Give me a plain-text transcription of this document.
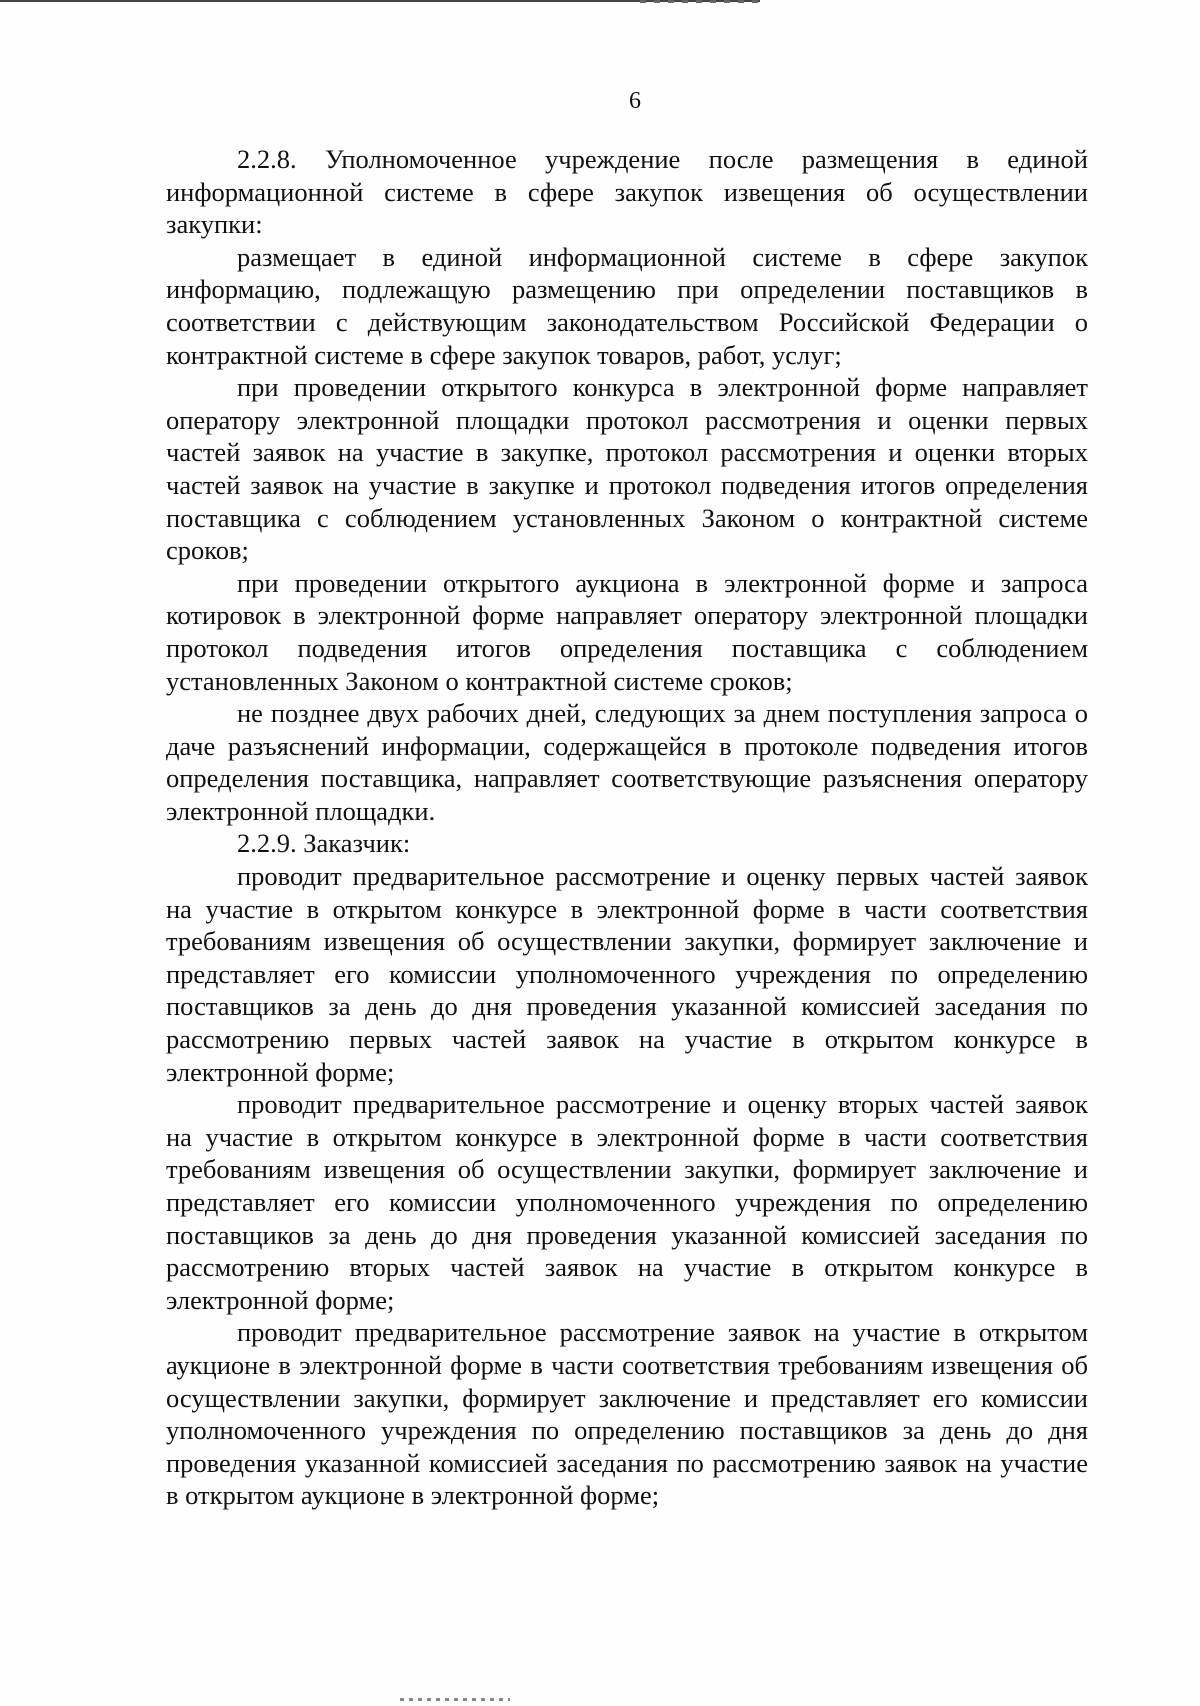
6

2.2.8. Уполномоченное учреждение после размещения в единой информационной системе в сфере закупок извещения об осуществлении закупки:

размещает в единой информационной системе в сфере закупок информацию, подлежащую размещению при определении поставщиков в соответствии с действующим законодательством Российской Федерации о контрактной системе в сфере закупок товаров, работ, услуг;

при проведении открытого конкурса в электронной форме направляет оператору электронной площадки протокол рассмотрения и оценки первых частей заявок на участие в закупке, протокол рассмотрения и оценки вторых частей заявок на участие в закупке и протокол подведения итогов определения поставщика с соблюдением установленных Законом о контрактной системе сроков;

при проведении открытого аукциона в электронной форме и запроса котировок в электронной форме направляет оператору электронной площадки протокол подведения итогов определения поставщика с соблюдением установленных Законом о контрактной системе сроков;

не позднее двух рабочих дней, следующих за днем поступления запроса о даче разъяснений информации, содержащейся в протоколе подведения итогов определения поставщика, направляет соответствующие разъяснения оператору электронной площадки.

2.2.9. Заказчик:

проводит предварительное рассмотрение и оценку первых частей заявок на участие в открытом конкурсе в электронной форме в части соответствия требованиям извещения об осуществлении закупки, формирует заключение и представляет его комиссии уполномоченного учреждения по определению поставщиков за день до дня проведения указанной комиссией заседания по рассмотрению первых частей заявок на участие в открытом конкурсе в электронной форме;

проводит предварительное рассмотрение и оценку вторых частей заявок на участие в открытом конкурсе в электронной форме в части соответствия требованиям извещения об осуществлении закупки, формирует заключение и представляет его комиссии уполномоченного учреждения по определению поставщиков за день до дня проведения указанной комиссией заседания по рассмотрению вторых частей заявок на участие в открытом конкурсе в электронной форме;

проводит предварительное рассмотрение заявок на участие в открытом аукционе в электронной форме в части соответствия требованиям извещения об осуществлении закупки, формирует заключение и представляет его комиссии уполномоченного учреждения по определению поставщиков за день до дня проведения указанной комиссией заседания по рассмотрению заявок на участие в открытом аукционе в электронной форме;
